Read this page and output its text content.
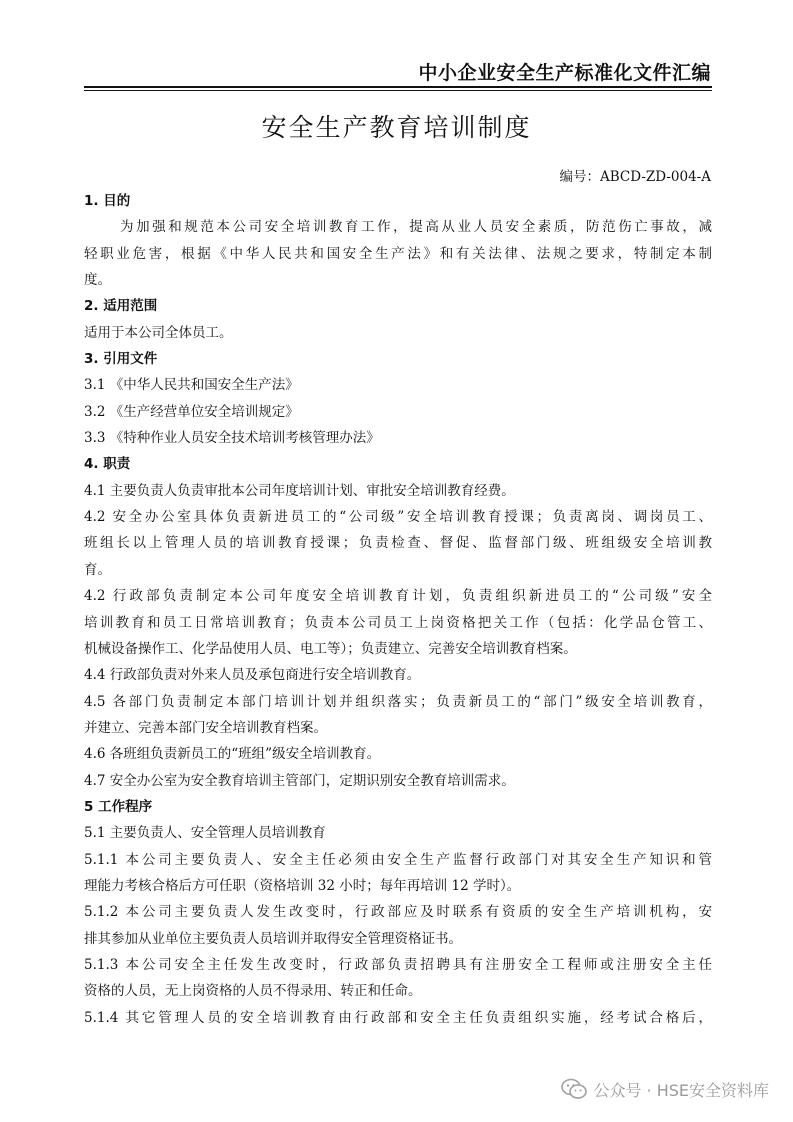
中小企业安全生产标准化文件汇编
安全生产教育培训制度
编号：ABCD-ZD-004-A
1. 目的
为加强和规范本公司安全培训教育工作，提高从业人员安全素质，防范伤亡事故，减
轻职业危害，根据《中华人民共和国安全生产法》和有关法律、法规之要求，特制定本制
度。
2. 适用范围
适用于本公司全体员工。
3. 引用文件
3.1 《中华人民共和国安全生产法》
3.2 《生产经营单位安全培训规定》
3.3 《特种作业人员安全技术培训考核管理办法》
4. 职责
4.1 主要负责人负责审批本公司年度培训计划、审批安全培训教育经费。
4.2 安全办公室具体负责新进员工的“公司级”安全培训教育授课；负责离岗、调岗员工、
班组长以上管理人员的培训教育授课；负责检查、督促、监督部门级、班组级安全培训教
育。
4.2 行政部负责制定本公司年度安全培训教育计划，负责组织新进员工的“公司级”安全
培训教育和员工日常培训教育；负责本公司员工上岗资格把关工作（包括：化学品仓管工、
机械设备操作工、化学品使用人员、电工等）；负责建立、完善安全培训教育档案。
4.4 行政部负责对外来人员及承包商进行安全培训教育。
4.5 各部门负责制定本部门培训计划并组织落实；负责新员工的“部门”级安全培训教育，
并建立、完善本部门安全培训教育档案。
4.6 各班组负责新员工的“班组”级安全培训教育。
4.7 安全办公室为安全教育培训主管部门，定期识别安全教育培训需求。
5 工作程序
5.1 主要负责人、安全管理人员培训教育
5.1.1 本公司主要负责人、安全主任必须由安全生产监督行政部门对其安全生产知识和管
理能力考核合格后方可任职（资格培训 32 小时；每年再培训 12 学时）。
5.1.2 本公司主要负责人发生改变时，行政部应及时联系有资质的安全生产培训机构，安
排其参加从业单位主要负责人员培训并取得安全管理资格证书。
5.1.3 本公司安全主任发生改变时，行政部负责招聘具有注册安全工程师或注册安全主任
资格的人员，无上岗资格的人员不得录用、转正和任命。
5.1.4 其它管理人员的安全培训教育由行政部和安全主任负责组织实施，经考试合格后，
公众号 · HSE安全资料库
